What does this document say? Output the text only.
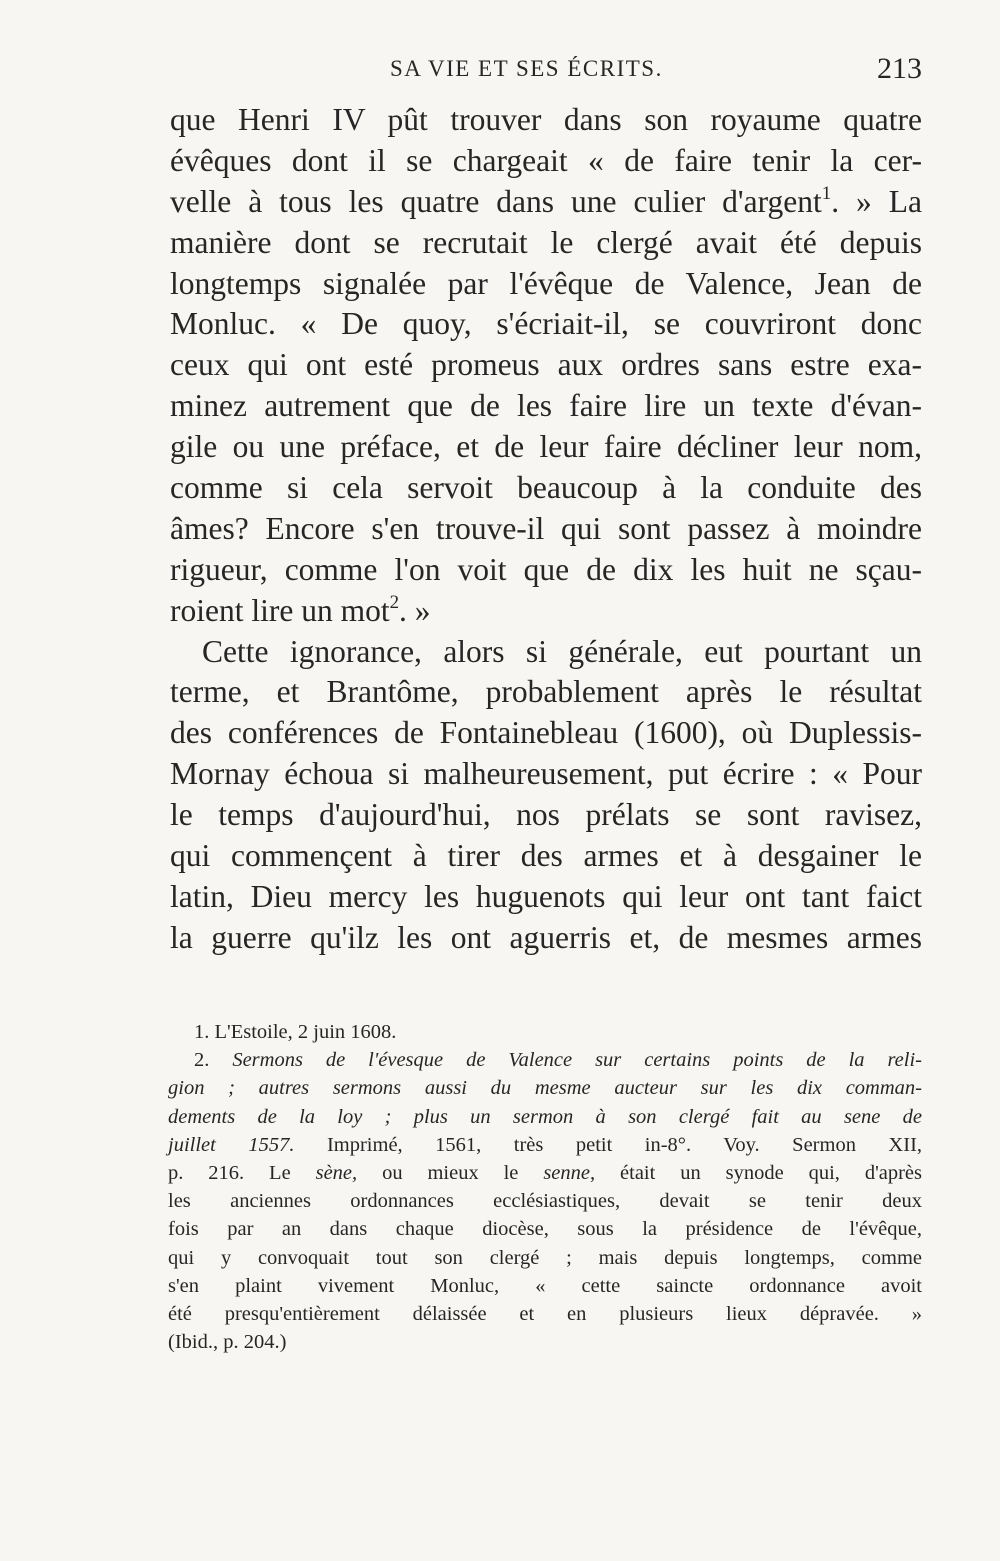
SA VIE ET SES ÉCRITS.	213
que Henri IV pût trouver dans son royaume quatre
évêques dont il se chargeait « de faire tenir la cer-
velle à tous les quatre dans une culier d'argent$^1$. » La
manière dont se recrutait le clergé avait été depuis
longtemps signalée par l'évêque de Valence, Jean de
Monluc. « De quoy, s'écriait-il, se couvriront donc
ceux qui ont esté promeus aux ordres sans estre exa-
minez autrement que de les faire lire un texte d'évan-
gile ou une préface, et de leur faire décliner leur nom,
comme si cela servoit beaucoup à la conduite des
âmes? Encore s'en trouve-il qui sont passez à moindre
rigueur, comme l'on voit que de dix les huit ne sçau-
roient lire un mot$^2$. »
Cette ignorance, alors si générale, eut pourtant un
terme, et Brantôme, probablement après le résultat
des conférences de Fontainebleau (1600), où Duplessis-
Mornay échoua si malheureusement, put écrire : « Pour
le temps d'aujourd'hui, nos prélats se sont ravisez,
qui commençent à tirer des armes et à desgainer le
latin, Dieu mercy les huguenots qui leur ont tant faict
la guerre qu'ilz les ont aguerris et, de mesmes armes
1. L'Estoile, 2 juin 1608.
2. Sermons de l'évesque de Valence sur certains points de la reli-
gion ; autres sermons aussi du mesme aucteur sur les dix comman-
dements de la loy ; plus un sermon à son clergé fait au sene de
juillet 1557. Imprimé, 1561, très petit in-8°. Voy. Sermon XII,
p. 216. Le sène, ou mieux le senne, était un synode qui, d'après
les anciennes ordonnances ecclésiastiques, devait se tenir deux
fois par an dans chaque diocèse, sous la présidence de l'évêque,
qui y convoquait tout son clergé ; mais depuis longtemps, comme
s'en plaint vivement Monluc, « cette saincte ordonnance avoit
été presqu'entièrement délaissée et en plusieurs lieux dépravée. »
(Ibid., p. 204.)
